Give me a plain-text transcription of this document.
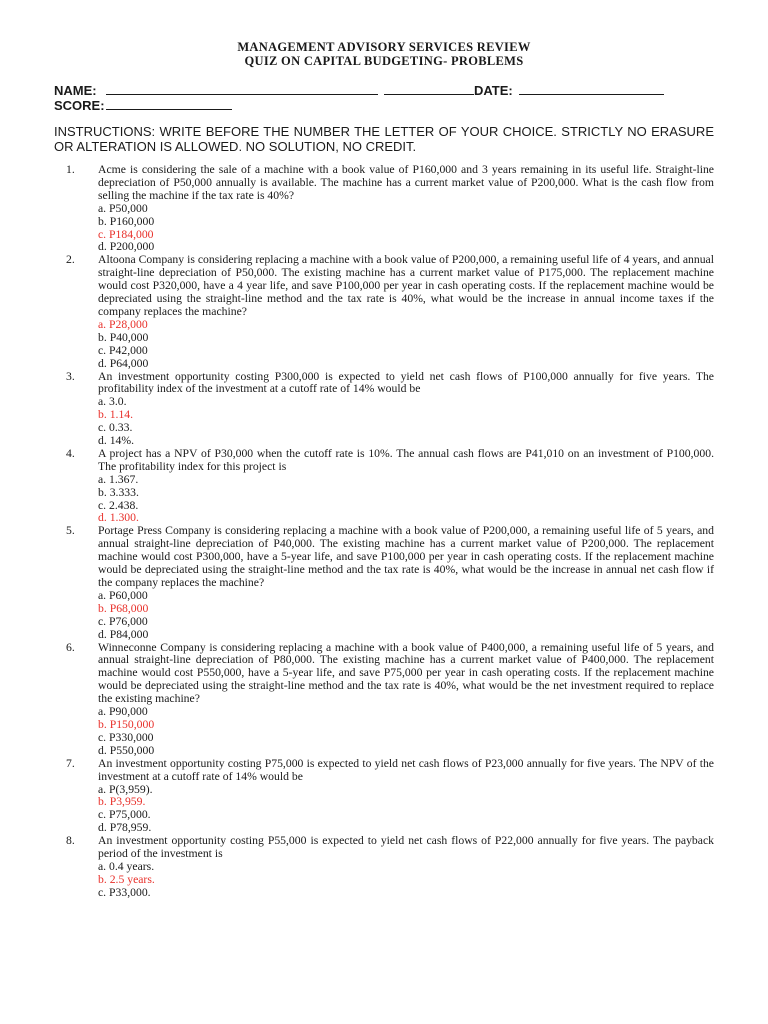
MANAGEMENT ADVISORY SERVICES REVIEW
QUIZ ON CAPITAL BUDGETING- PROBLEMS
NAME:	DATE:
SCORE:
INSTRUCTIONS: WRITE BEFORE THE NUMBER THE LETTER OF YOUR CHOICE. STRICTLY NO ERASURE OR ALTERATION IS ALLOWED. NO SOLUTION, NO CREDIT.
1.	Acme is considering the sale of a machine with a book value of P160,000 and 3 years remaining in its useful life. Straight-line depreciation of P50,000 annually is available. The machine has a current market value of P200,000. What is the cash flow from selling the machine if the tax rate is 40%?
a. P50,000
b. P160,000
c. P184,000
d. P200,000
2.	Altoona Company is considering replacing a machine with a book value of P200,000, a remaining useful life of 4 years, and annual straight-line depreciation of P50,000. The existing machine has a current market value of P175,000. The replacement machine would cost P320,000, have a 4 year life, and save P100,000 per year in cash operating costs. If the replacement machine would be depreciated using the straight-line method and the tax rate is 40%, what would be the increase in annual income taxes if the company replaces the machine?
a. P28,000
b. P40,000
c. P42,000
d. P64,000
3.	An investment opportunity costing P300,000 is expected to yield net cash flows of P100,000 annually for five years. The profitability index of the investment at a cutoff rate of 14% would be
a. 3.0.
b. 1.14.
c. 0.33.
d. 14%.
4.	A project has a NPV of P30,000 when the cutoff rate is 10%. The annual cash flows are P41,010 on an investment of P100,000. The profitability index for this project is
a. 1.367.
b. 3.333.
c. 2.438.
d. 1.300.
5.	Portage Press Company is considering replacing a machine with a book value of P200,000, a remaining useful life of 5 years, and annual straight-line depreciation of P40,000. The existing machine has a current market value of P200,000. The replacement machine would cost P300,000, have a 5-year life, and save P100,000 per year in cash operating costs. If the replacement machine would be depreciated using the straight-line method and the tax rate is 40%, what would be the increase in annual net cash flow if the company replaces the machine?
a. P60,000
b. P68,000
c. P76,000
d. P84,000
6.	Winneconne Company is considering replacing a machine with a book value of P400,000, a remaining useful life of 5 years, and annual straight-line depreciation of P80,000. The existing machine has a current market value of P400,000. The replacement machine would cost P550,000, have a 5-year life, and save P75,000 per year in cash operating costs. If the replacement machine would be depreciated using the straight-line method and the tax rate is 40%, what would be the net investment required to replace the existing machine?
a. P90,000
b. P150,000
c. P330,000
d. P550,000
7.	An investment opportunity costing P75,000 is expected to yield net cash flows of P23,000 annually for five years. The NPV of the investment at a cutoff rate of 14% would be
a. P(3,959).
b. P3,959.
c. P75,000.
d. P78,959.
8.	An investment opportunity costing P55,000 is expected to yield net cash flows of P22,000 annually for five years. The payback period of the investment is
a. 0.4 years.
b. 2.5 years.
c. P33,000.
